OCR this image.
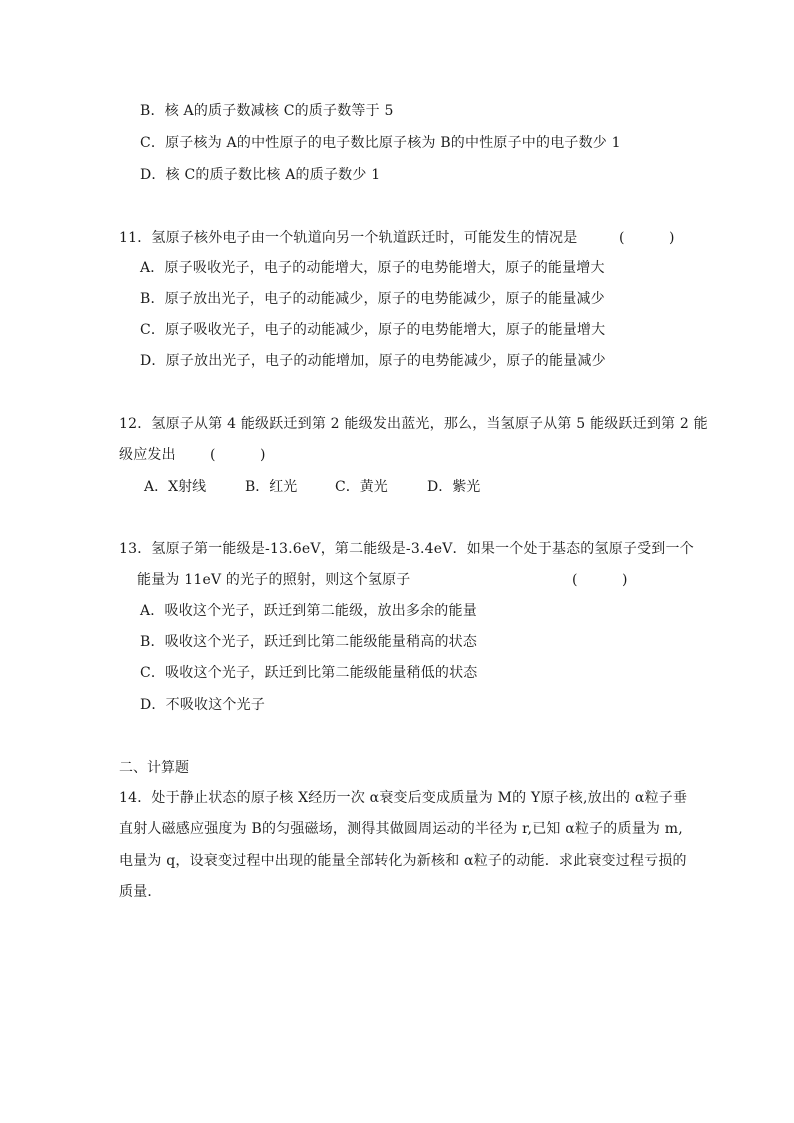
B．核 A的质子数减核 C的质子数等于 5
C．原子核为 A的中性原子的电子数比原子核为 B的中性原子中的电子数少 1
D．核 C的质子数比核 A的质子数少 1
11．氢原子核外电子由一个轨道向另一个轨道跃迁时，可能发生的情况是	(          )
A．原子吸收光子，电子的动能增大，原子的电势能增大，原子的能量增大
B．原子放出光子，电子的动能减少，原子的电势能减少，原子的能量减少
C．原子吸收光子，电子的动能减少，原子的电势能增大，原子的能量增大
D．原子放出光子，电子的动能增加，原子的电势能减少，原子的能量减少
12．氢原子从第 4 能级跃迁到第 2 能级发出蓝光，那么，当氢原子从第 5 能级跃迁到第 2 能
级应发出 (          )
A．X射线	B．红光	C．黄光	D．紫光
13．氢原子第一能级是-13.6eV，第二能级是-3.4eV．如果一个处于基态的氢原子受到一个
能量为 11eV 的光子的照射，则这个氢原子	(          )
A．吸收这个光子，跃迁到第二能级，放出多余的能量
B．吸收这个光子，跃迁到比第二能级能量稍高的状态
C．吸收这个光子，跃迁到比第二能级能量稍低的状态
D．不吸收这个光子
二、计算题
14．处于静止状态的原子核 X经历一次 α衰变后变成质量为 M的 Y原子核,放出的 α粒子垂
直射人磁感应强度为 B的匀强磁场，测得其做圆周运动的半径为 r,已知 α粒子的质量为 m,
电量为 q，设衰变过程中出现的能量全部转化为新核和 α粒子的动能．求此衰变过程亏损的
质量．
